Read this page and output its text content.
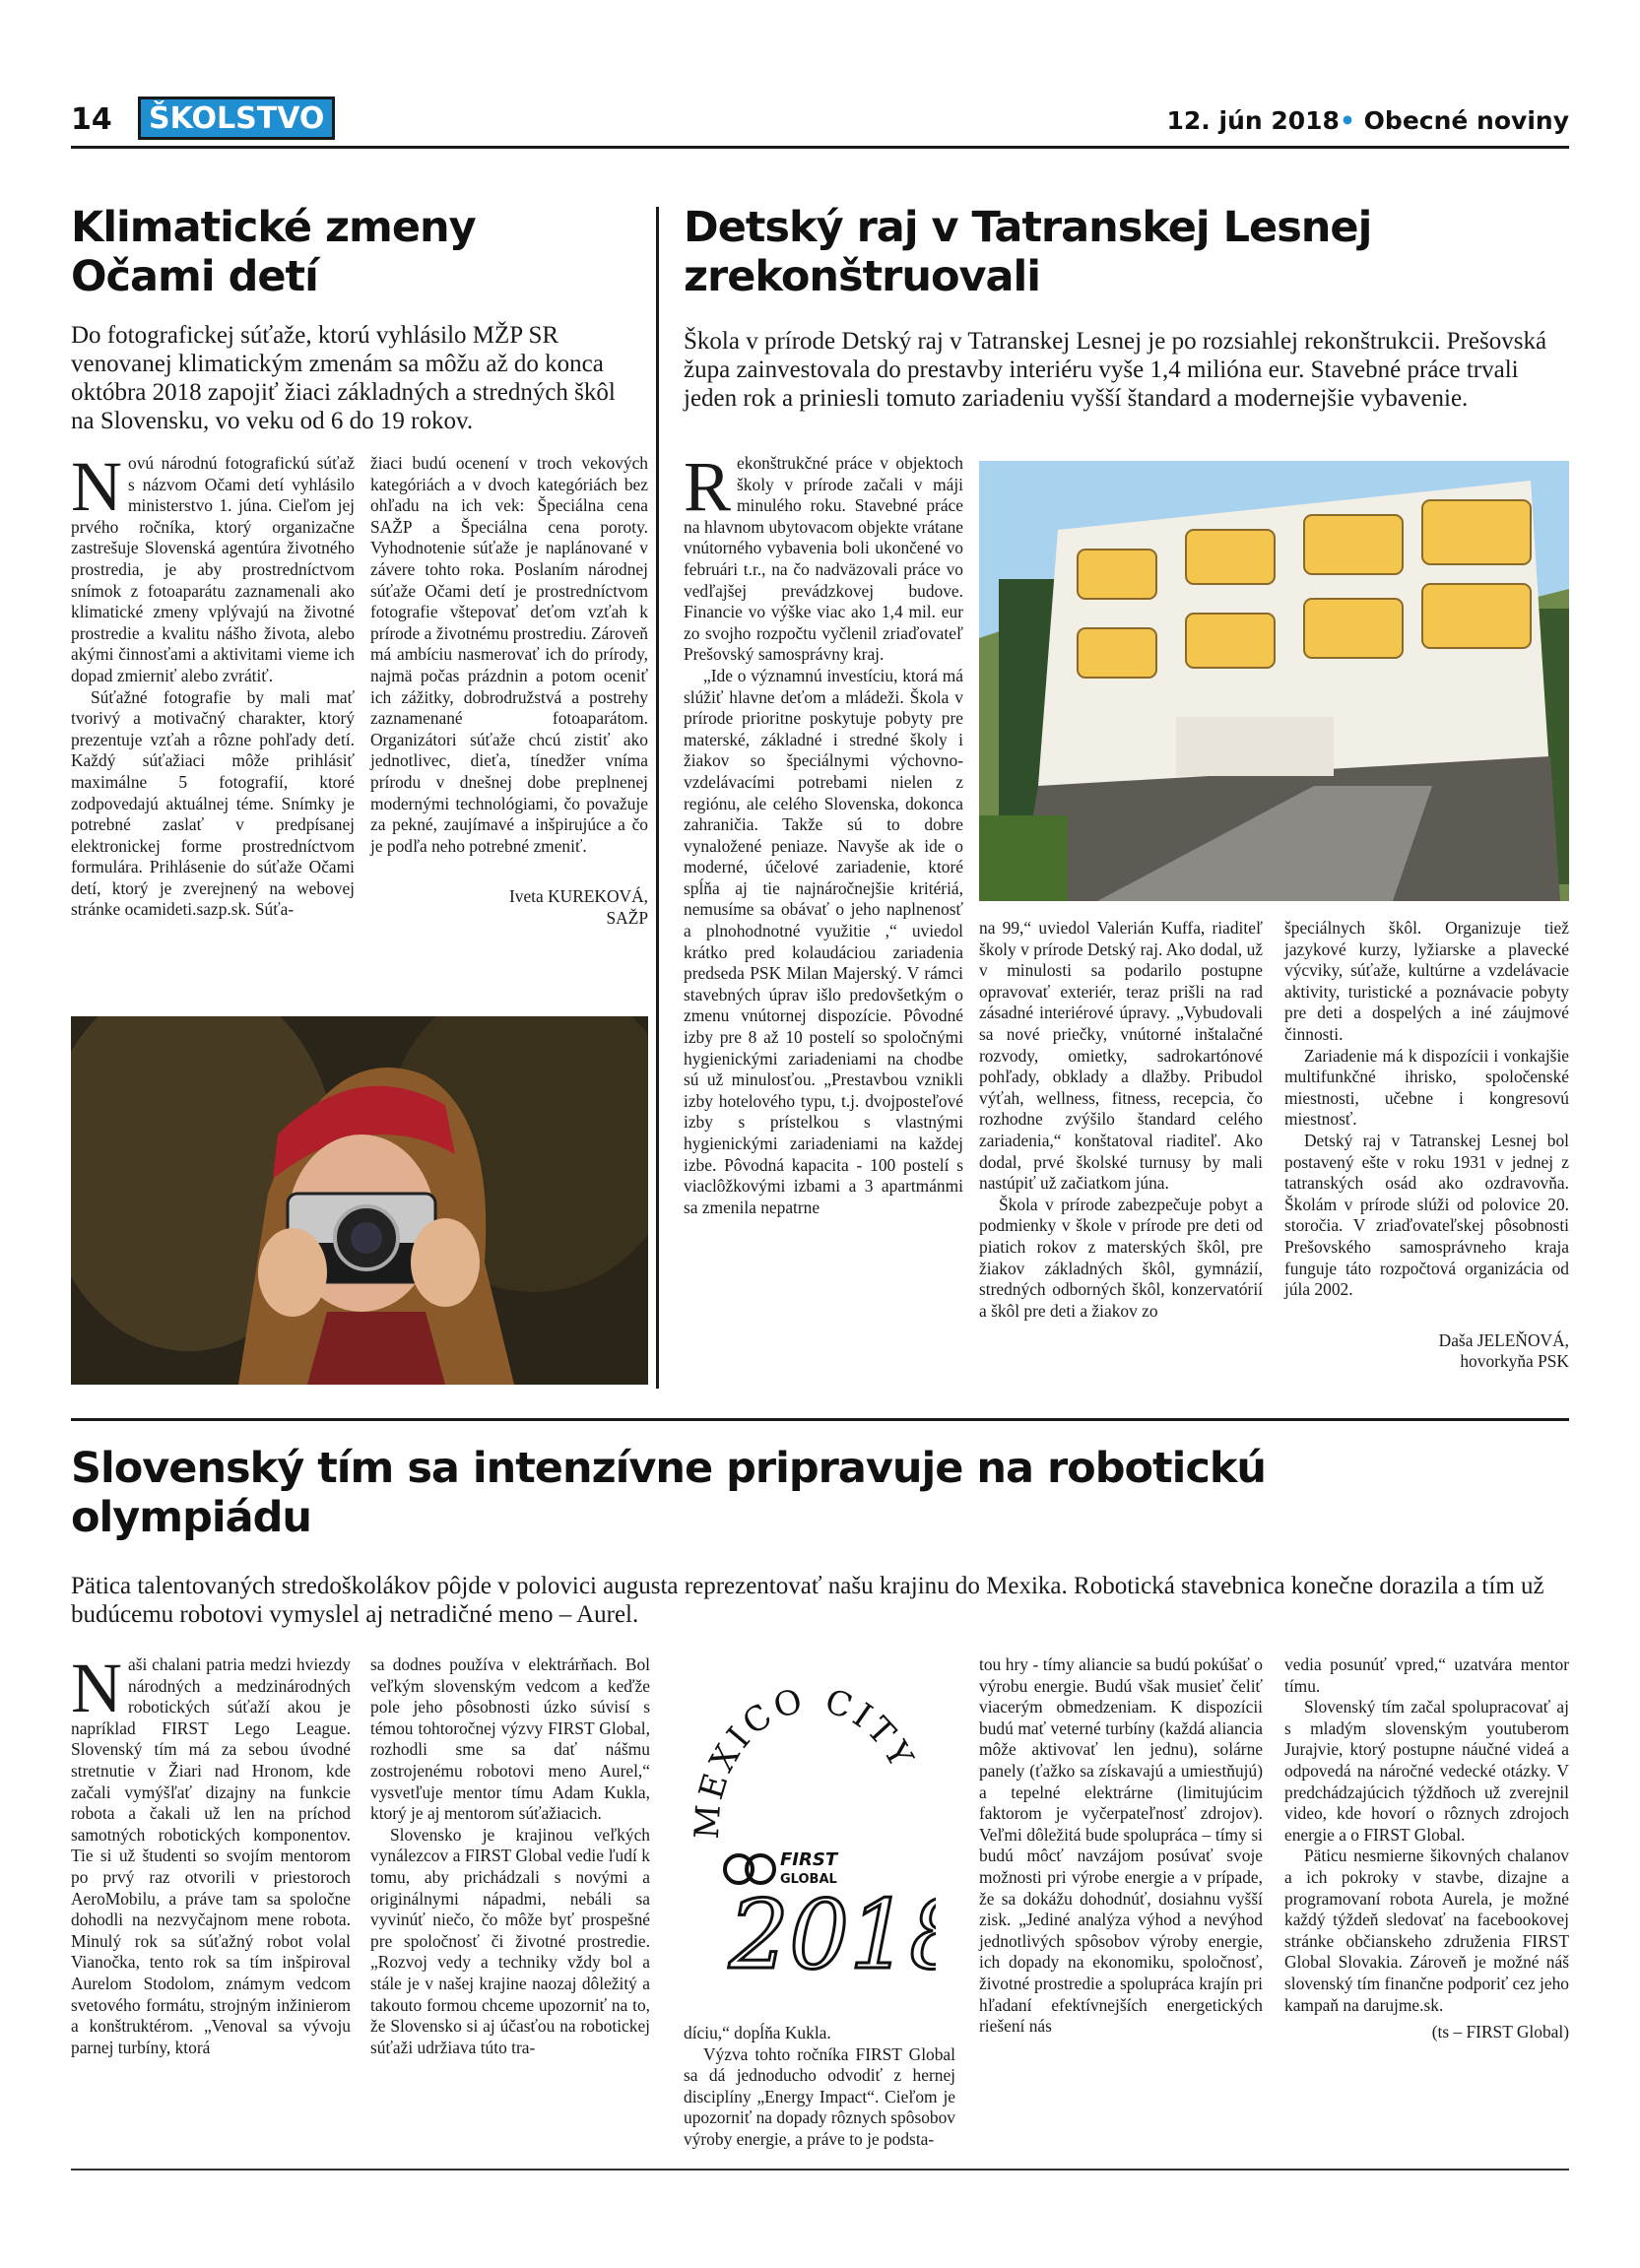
14	ŠKOLSTVO	12. jún 2018• Obecné noviny
Klimatické zmeny
Očami detí

Do fotografickej súťaže, ktorú vyhlásilo MŽP SR venovanej klimatickým zmenám sa môžu až do konca októbra 2018 zapojiť žiaci základných a stredných škôl na Slovensku, vo veku od 6 do 19 rokov.

Novú národnú fotografickú súťaž s názvom Očami detí vyhlásilo ministerstvo 1. júna. Cieľom jej prvého ročníka, ktorý organizačne zastrešuje Slovenská agentúra životného prostredia, je aby prostredníctvom snímok z fotoaparátu zaznamenali ako klimatické zmeny vplývajú na životné prostredie a kvalitu nášho života, alebo akými činnosťami a aktivitami vieme ich dopad zmierniť alebo zvrátiť.

Súťažné fotografie by mali mať tvorivý a motivačný charakter, ktorý prezentuje vzťah a rôzne pohľady detí. Každý súťažiaci môže prihlásiť maximálne 5 fotografií, ktoré zodpovedajú aktuálnej téme. Snímky je potrebné zaslať v predpísanej elektronickej forme prostredníctvom formulára. Prihlásenie do súťaže Očami detí, ktorý je zverejnený na webovej stránke ocamideti.sazp.sk. Súťa-

žiaci budú ocenení v troch vekových kategóriách a v dvoch kategóriách bez ohľadu na ich vek: Špeciálna cena SAŽP a Špeciálna cena poroty. Vyhodnotenie súťaže je naplánované v závere tohto roka. Poslaním národnej súťaže Očami detí je prostredníctvom fotografie vštepovať deťom vzťah k prírode a životnému prostrediu. Zároveň má ambíciu nasmerovať ich do prírody, najmä počas prázdnin a potom oceniť ich zážitky, dobrodružstvá a postrehy zaznamenané fotoaparátom. Organizátori súťaže chcú zistiť ako jednotlivec, dieťa, tínedžer vníma prírodu v dnešnej dobe preplnenej modernými technológiami, čo považuje za pekné, zaujímavé a inšpirujúce a čo je podľa neho potrebné zmeniť.

Iveta KUREKOVÁ,
SAŽP

Detský raj v Tatranskej Lesnej
zrekonštruovali

Škola v prírode Detský raj v Tatranskej Lesnej je po rozsiahlej rekonštrukcii. Prešovská župa zainvestovala do prestavby interiéru vyše 1,4 milióna eur. Stavebné práce trvali jeden rok a priniesli tomuto zariadeniu vyšší štandard a modernejšie vybavenie.

Rekonštrukčné práce v objektoch školy v prírode začali v máji minulého roku. Stavebné práce na hlavnom ubytovacom objekte vrátane vnútorného vybavenia boli ukončené vo februári t.r., na čo nadväzovali práce vo vedľajšej prevádzkovej budove. Financie vo výške viac ako 1,4 mil. eur zo svojho rozpočtu vyčlenil zriaďovateľ Prešovský samosprávny kraj.

„Ide o významnú investíciu, ktorá má slúžiť hlavne deťom a mládeži. Škola v prírode prioritne poskytuje pobyty pre materské, základné i stredné školy i žiakov so špeciálnymi výchovno-vzdelávacími potrebami nielen z regiónu, ale celého Slovenska, dokonca zahraničia. Takže sú to dobre vynaložené peniaze. Navyše ak ide o moderné, účelové zariadenie, ktoré spĺňa aj tie najnáročnejšie kritériá, nemusíme sa obávať o jeho naplnenosť a plnohodnotné využitie ,“ uviedol krátko pred kolaudáciou zariadenia predseda PSK Milan Majerský. V rámci stavebných úprav išlo predovšetkým o zmenu vnútornej dispozície. Pôvodné izby pre 8 až 10 postelí so spoločnými hygienickými zariadeniami na chodbe sú už minulosťou. „Prestavbou vznikli izby hotelového typu, t.j. dvojposteľové izby s prístelkou s vlastnými hygienickými zariadeniami na každej izbe. Pôvodná kapacita - 100 postelí s viaclôžkovými izbami a 3 apartmánmi sa zmenila nepatrne

na 99,“ uviedol Valerián Kuffa, riaditeľ školy v prírode Detský raj. Ako dodal, už v minulosti sa podarilo postupne opravovať exteriér, teraz prišli na rad zásadné interiérové úpravy. „Vybudovali sa nové priečky, vnútorné inštalačné rozvody, omietky, sadrokartónové pohľady, obklady a dlažby. Pribudol výťah, wellness, fitness, recepcia, čo rozhodne zvýšilo štandard celého zariadenia,“ konštatoval riaditeľ. Ako dodal, prvé školské turnusy by mali nastúpiť už začiatkom júna.

Škola v prírode zabezpečuje pobyt a podmienky v škole v prírode pre deti od piatich rokov z materských škôl, pre žiakov základných škôl, gymnázií, stredných odborných škôl, konzervatórií a škôl pre deti a žiakov zo

špeciálnych škôl. Organizuje tiež jazykové kurzy, lyžiarske a plavecké výcviky, súťaže, kultúrne a vzdelávacie aktivity, turistické a poznávacie pobyty pre deti a dospelých a iné záujmové činnosti.

Zariadenie má k dispozícii i vonkajšie multifunkčné ihrisko, spoločenské miestnosti, učebne i kongresovú miestnosť.

Detský raj v Tatranskej Lesnej bol postavený ešte v roku 1931 v jednej z tatranských osád ako ozdravovňa. Školám v prírode slúži od polovice 20. storočia. V zriaďovateľskej pôsobnosti Prešovského samosprávneho kraja funguje táto rozpočtová organizácia od júla 2002.

Daša JELEŇOVÁ,
hovorkyňa PSK

Slovenský tím sa intenzívne pripravuje na robotickú
olympiádu

Pätica talentovaných stredoškolákov pôjde v polovici augusta reprezentovať našu krajinu do Mexika. Robotická stavebnica konečne dorazila a tím už budúcemu robotovi vymyslel aj netradičné meno – Aurel.

Naši chalani patria medzi hviezdy národných a medzinárodných robotických súťaží akou je napríklad FIRST Lego League. Slovenský tím má za sebou úvodné stretnutie v Žiari nad Hronom, kde začali vymýšľať dizajny na funkcie robota a čakali už len na príchod samotných robotických komponentov. Tie si už študenti so svojím mentorom po prvý raz otvorili v priestoroch AeroMobilu, a práve tam sa spoločne dohodli na nezvyčajnom mene robota. Minulý rok sa súťažný robot volal Vianočka, tento rok sa tím inšpiroval Aurelom Stodolom, známym vedcom svetového formátu, strojným inžinierom a konštruktérom. „Venoval sa vývoju parnej turbíny, ktorá

sa dodnes používa v elektrárňach. Bol veľkým slovenským vedcom a keďže pole jeho pôsobnosti úzko súvisí s témou tohtoročnej výzvy FIRST Global, rozhodli sme sa dať nášmu zostrojenému robotovi meno Aurel,“ vysvetľuje mentor tímu Adam Kukla, ktorý je aj mentorom súťažiacich.

Slovensko je krajinou veľkých vynálezcov a FIRST Global vedie ľudí k tomu, aby prichádzali s novými a originálnymi nápadmi, nebáli sa vyvinúť niečo, čo môže byť prospešné pre spoločnosť či životné prostredie. „Rozvoj vedy a techniky vždy bol a stále je v našej krajine naozaj dôležitý a takouto formou chceme upozorniť na to, že Slovensko si aj účasťou na robotickej súťaži udržiava túto tra-

MEXICO CITY
FIRST
GLOBAL
201

díciu,“ dopĺňa Kukla.

Výzva tohto ročníka FIRST Global sa dá jednoducho odvodiť z hernej disciplíny „Energy Impact“. Cieľom je upozorniť na dopady rôznych spôsobov výroby energie, a práve to je podsta-

tou hry - tímy aliancie sa budú pokúšať o výrobu energie. Budú však musieť čeliť viacerým obmedzeniam. K dispozícii budú mať veterné turbíny (každá aliancia môže aktivovať len jednu), solárne panely (ťažko sa získavajú a umiestňujú) a tepelné elektrárne (limitujúcim faktorom je vyčerpateľnosť zdrojov). Veľmi dôležitá bude spolupráca – tímy si budú môcť navzájom posúvať svoje možnosti pri výrobe energie a v prípade, že sa dokážu dohodnúť, dosiahnu vyšší zisk. „Jediné analýza výhod a nevýhod jednotlivých spôsobov výroby energie, ich dopady na ekonomiku, spoločnosť, životné prostredie a spolupráca krajín pri hľadaní efektívnejších energetických riešení nás

vedia posunúť vpred,“ uzatvára mentor tímu.

Slovenský tím začal spolupracovať aj s mladým slovenským youtuberom Jurajvie, ktorý postupne náučné videá a odpovedá na náročné vedecké otázky. V predchádzajúcich týždňoch už zverejnil video, kde hovorí o rôznych zdrojoch energie a o FIRST Global.

Päticu nesmierne šikovných chalanov a ich pokroky v stavbe, dizajne a programovaní robota Aurela, je možné každý týždeň sledovať na facebookovej stránke občianskeho združenia FIRST Global Slovakia. Zároveň je možné náš slovenský tím finančne podporiť cez jeho kampaň na darujme.sk.

(ts – FIRST Global)
